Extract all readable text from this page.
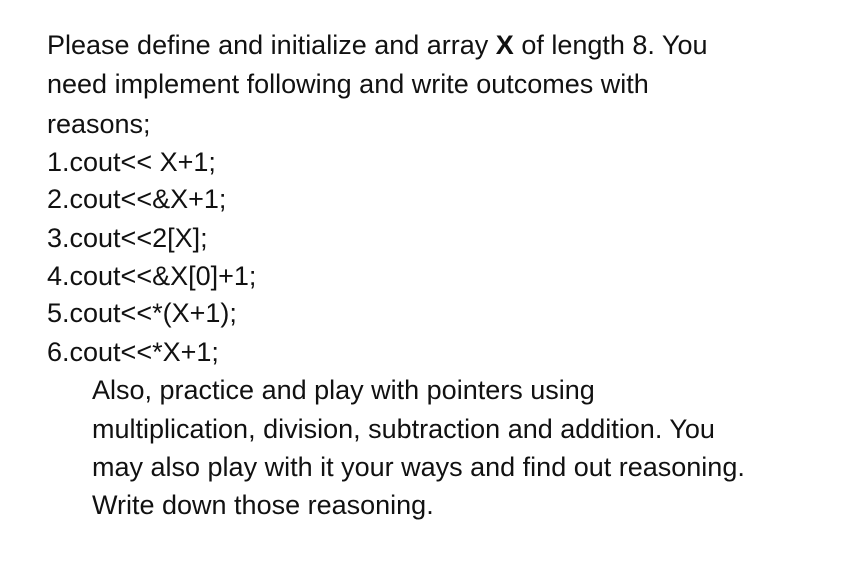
Please define and initialize and array X of length 8. You
need implement following and write outcomes with
reasons;
1.cout<< X+1;
2.cout<<&X+1;
3.cout<<2[X];
4.cout<<&X[0]+1;
5.cout<<*(X+1);
6.cout<<*X+1;
Also, practice and play with pointers using
multiplication, division, subtraction and addition. You
may also play with it your ways and find out reasoning.
Write down those reasoning.
